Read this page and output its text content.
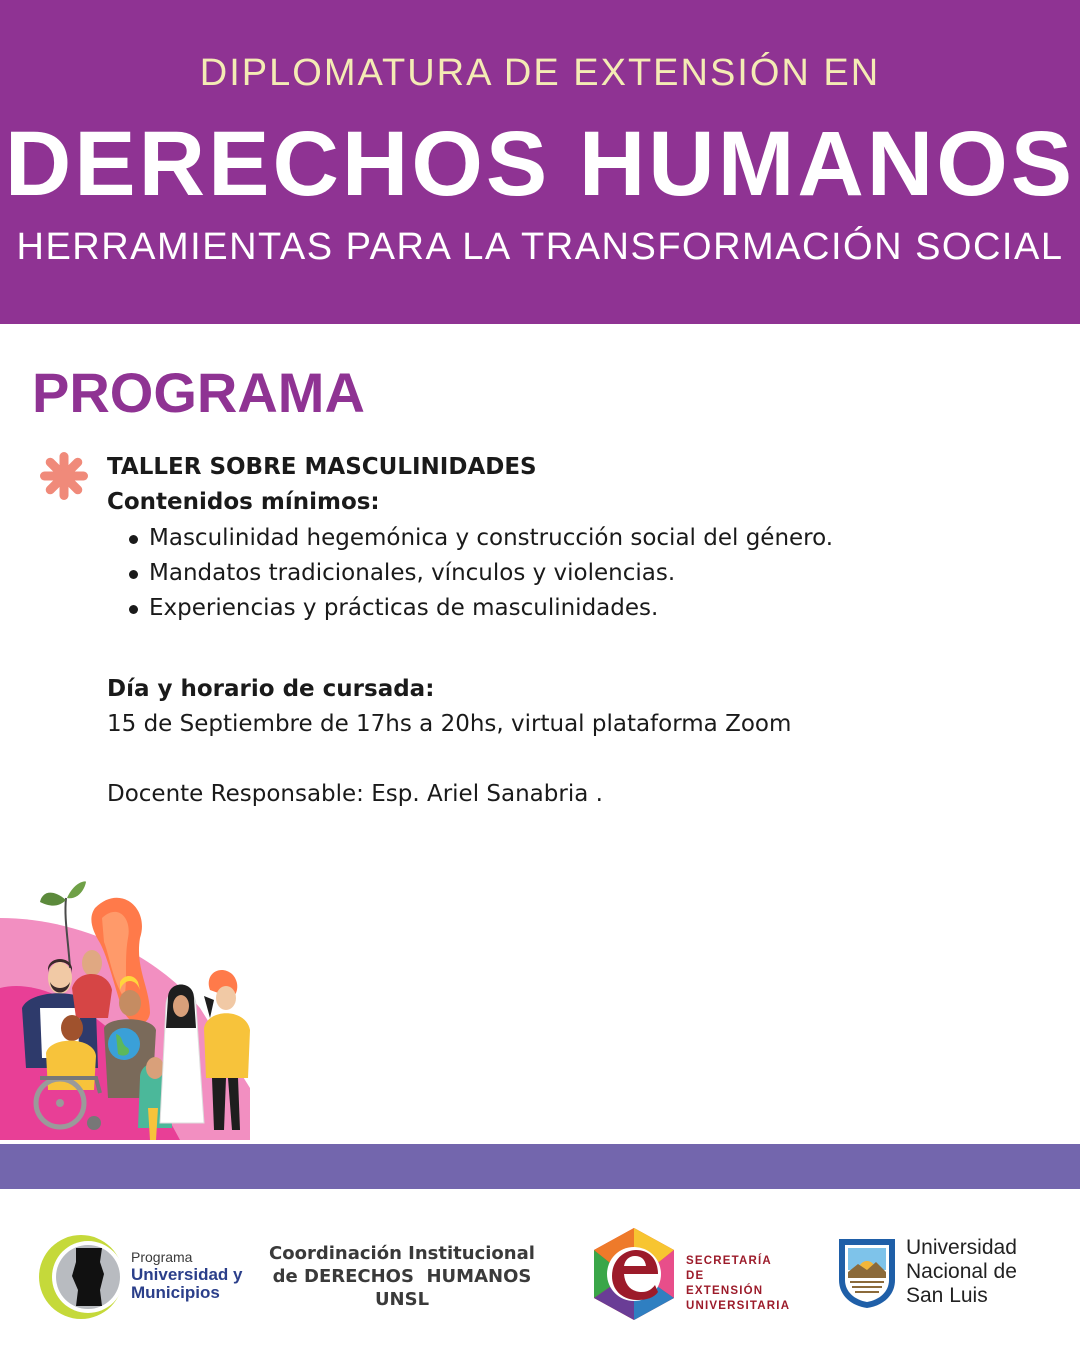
DIPLOMATURA DE EXTENSIÓN EN
DERECHOS HUMANOS
HERRAMIENTAS PARA LA TRANSFORMACIÓN SOCIAL
PROGRAMA
TALLER SOBRE MASCULINIDADES
Contenidos mínimos:
Masculinidad hegemónica y construcción social del género.
Mandatos tradicionales, vínculos y violencias.
Experiencias y prácticas de masculinidades.
Día y horario de cursada:
15 de Septiembre de 17hs a 20hs, virtual plataforma Zoom
Docente Responsable: Esp. Ariel Sanabria .
Programa
Universidad y
Municipios
Coordinación Institucional
de DERECHOS  HUMANOS
UNSL
SECRETARÍA DE
EXTENSIÓN
UNIVERSITARIA
Universidad
Nacional de
San Luis
